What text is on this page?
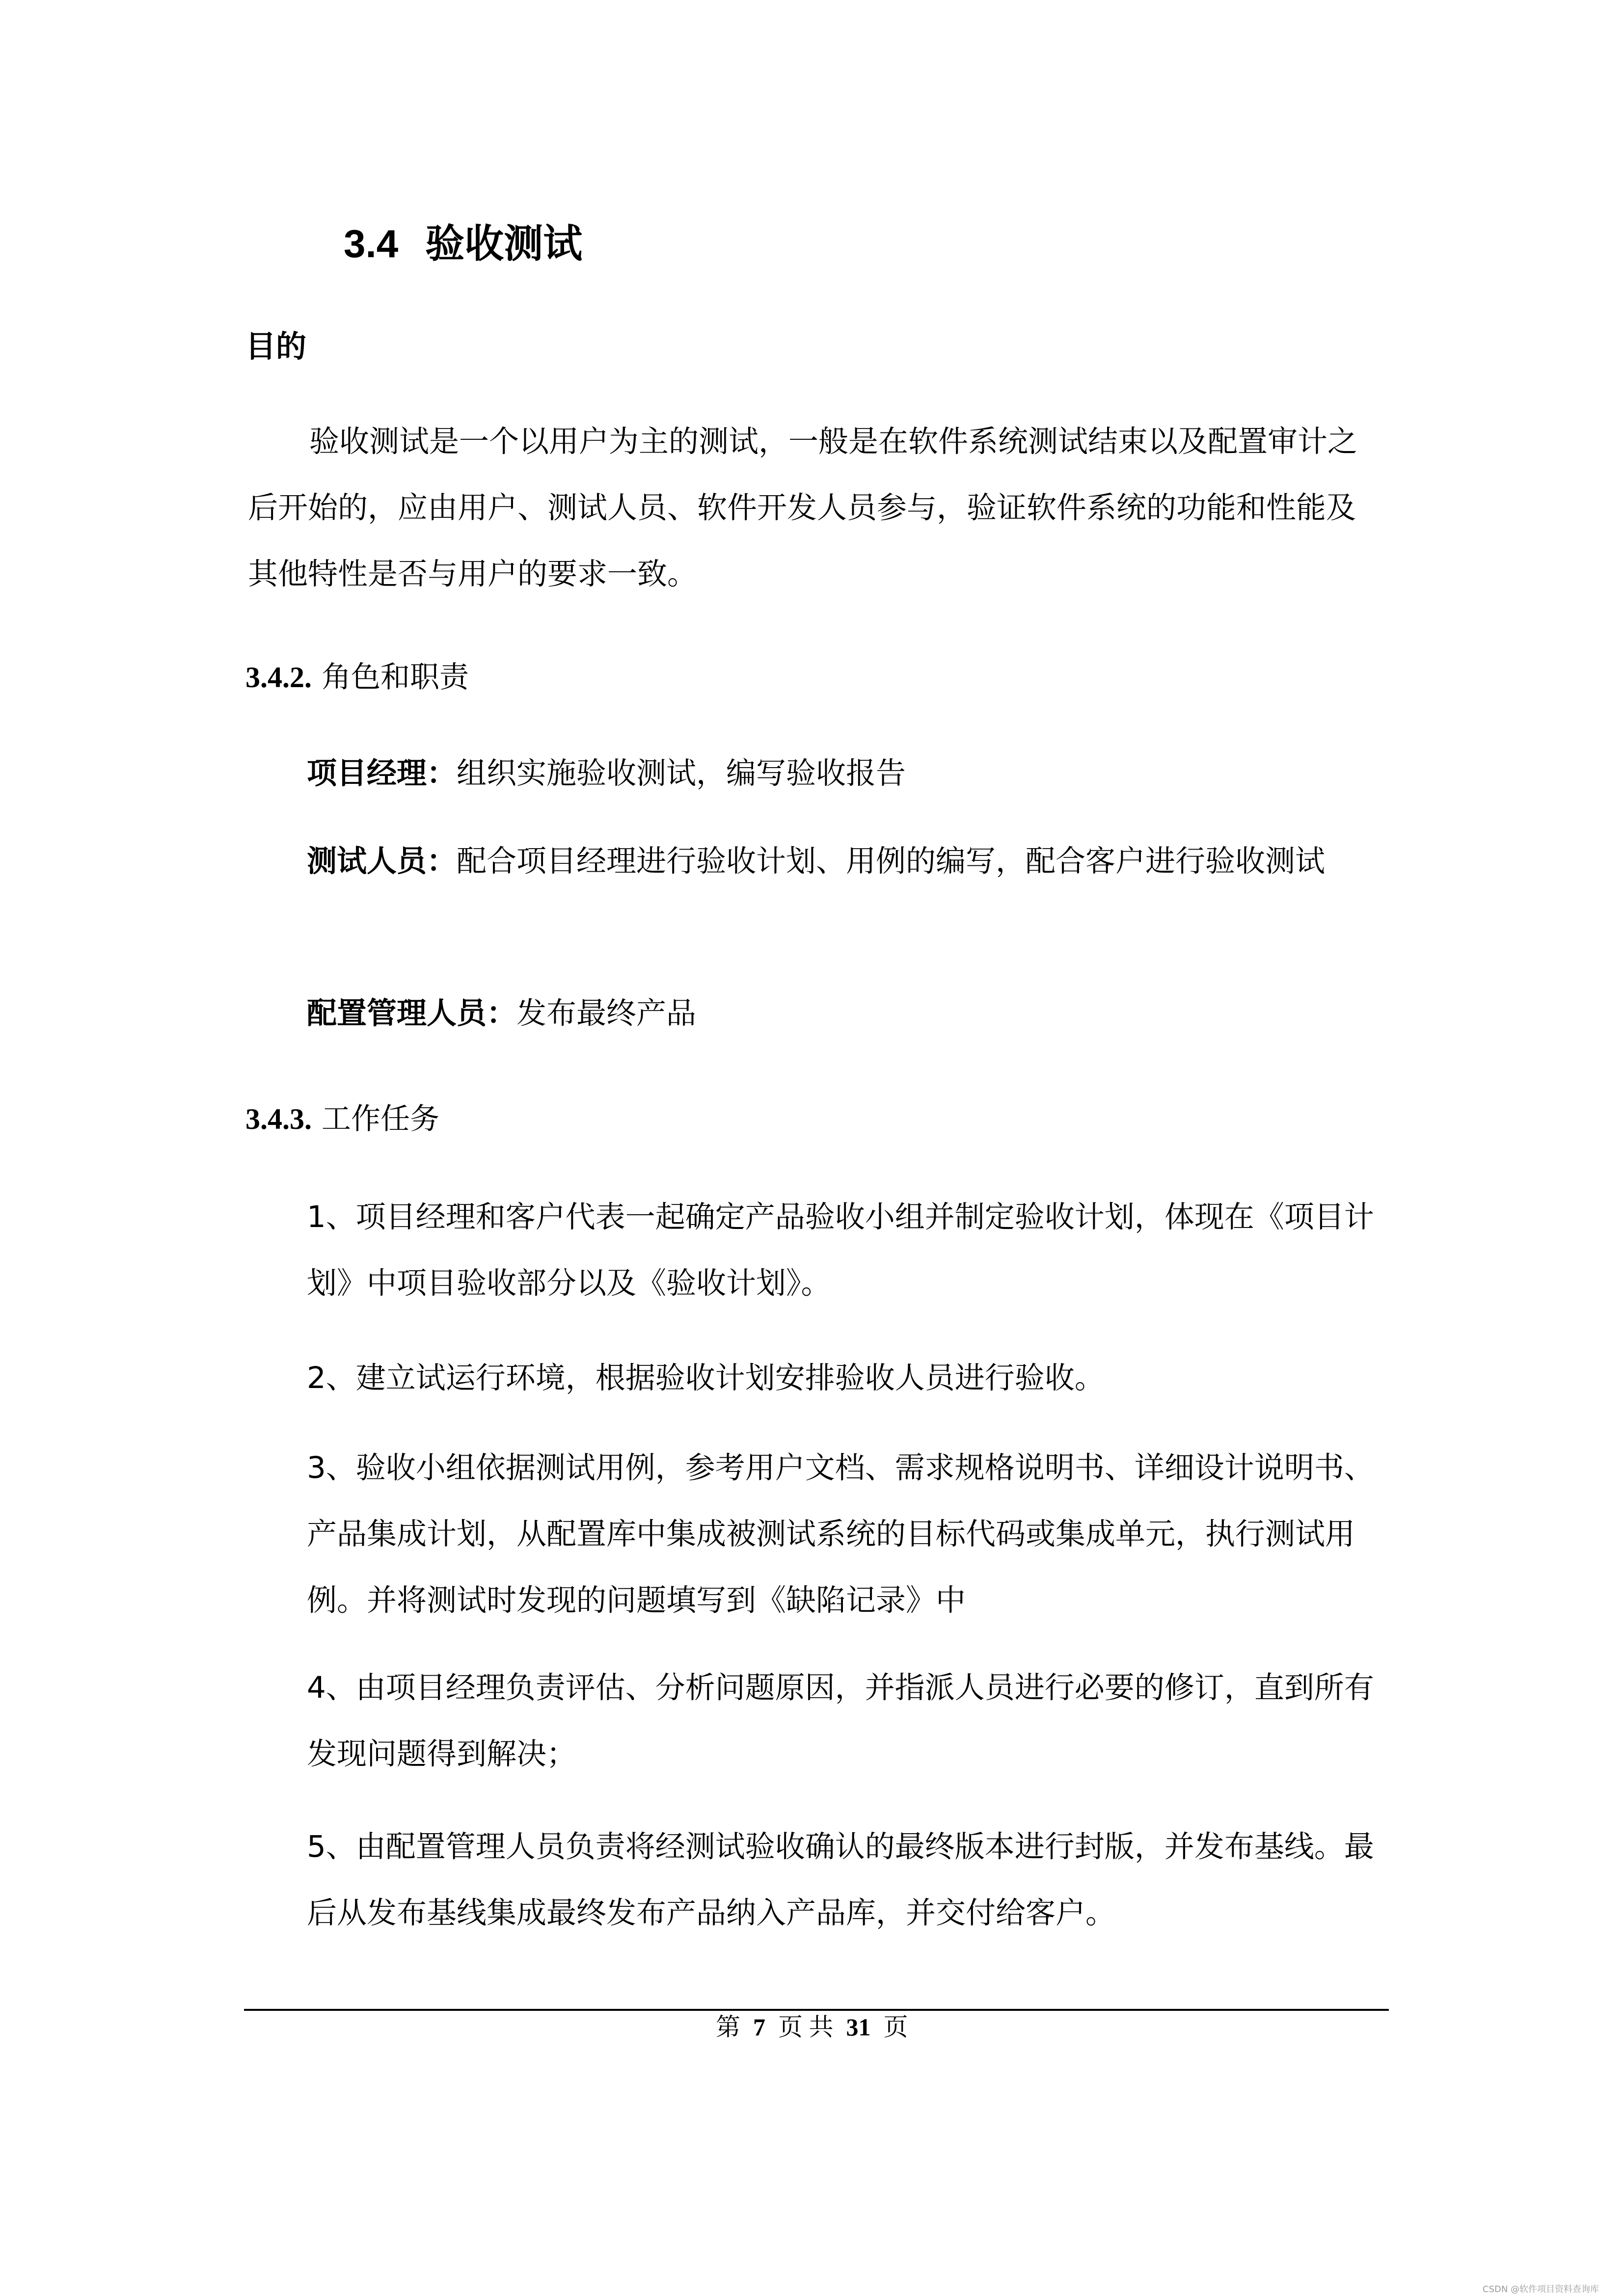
3.4 验收测试
目的
验收测试是一个以用户为主的测试，一般是在软件系统测试结束以及配置审计之后开始的，应由用户、测试人员、软件开发人员参与，验证软件系统的功能和性能及其他特性是否与用户的要求一致。
3.4.2. 角色和职责
项目经理：组织实施验收测试，编写验收报告
测试人员：配合项目经理进行验收计划、用例的编写，配合客户进行验收测试
配置管理人员：发布最终产品
3.4.3. 工作任务
1、项目经理和客户代表一起确定产品验收小组并制定验收计划，体现在《项目计划》中项目验收部分以及《验收计划》。
2、建立试运行环境，根据验收计划安排验收人员进行验收。
3、验收小组依据测试用例，参考用户文档、需求规格说明书、详细设计说明书、产品集成计划，从配置库中集成被测试系统的目标代码或集成单元，执行测试用例。并将测试时发现的问题填写到《缺陷记录》中
4、由项目经理负责评估、分析问题原因，并指派人员进行必要的修订，直到所有发现问题得到解决；
5、由配置管理人员负责将经测试验收确认的最终版本进行封版，并发布基线。最后从发布基线集成最终发布产品纳入产品库，并交付给客户。
第 7 页 共 31 页
CSDN @软件项目资料查询库
